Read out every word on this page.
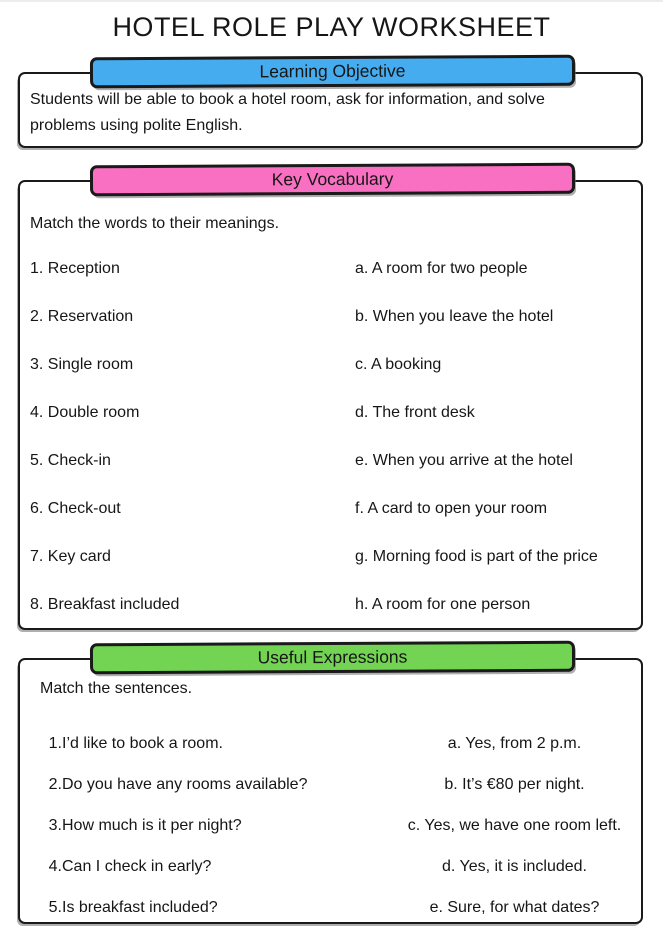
HOTEL ROLE PLAY WORKSHEET
Learning Objective
Students will be able to book a hotel room, ask for information, and solve
problems using polite English.
Key Vocabulary

Match the words to their meanings.

1. Reception	a. A room for two people
2. Reservation	b. When you leave the hotel
3. Single room	c. A booking
4. Double room	d. The front desk
5. Check-in	e. When you arrive at the hotel
6. Check-out	f. A card to open your room
7. Key card	g. Morning food is part of the price
8. Breakfast included	h. A room for one person
Useful Expressions

Match the sentences.

1.I’d like to book a room.	a. Yes, from 2 p.m.
2.Do you have any rooms available?	b. It’s €80 per night.
3.How much is it per night?	c. Yes, we have one room left.
4.Can I check in early?	d. Yes, it is included.
5.Is breakfast included?	e. Sure, for what dates?
